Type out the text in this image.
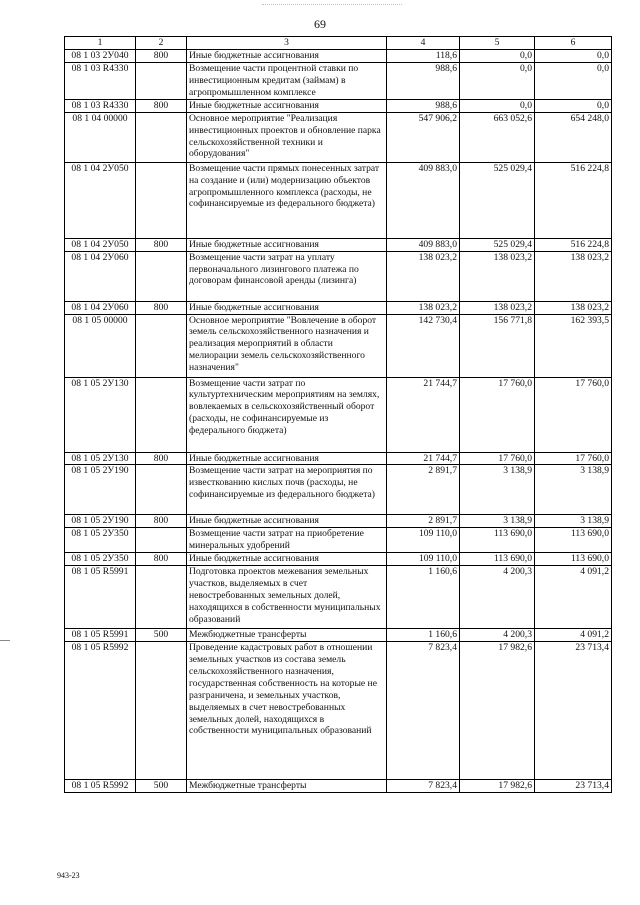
69
1	2	3	4	5	6
08 1 03 2У040	800	Иные бюджетные ассигнования	118,6	0,0	0,0
08 1 03 R4330		Возмещение части процентной ставки по инвестиционным кредитам (займам) в агропромышленном комплексе	988,6	0,0	0,0
08 1 03 R4330	800	Иные бюджетные ассигнования	988,6	0,0	0,0
08 1 04 00000		Основное мероприятие "Реализация инвестиционных проектов и обновление парка сельскохозяйственной техники и оборудования"	547 906,2	663 052,6	654 248,0
08 1 04 2У050		Возмещение части прямых понесенных затрат на создание и (или) модернизацию объектов агропромышленного комплекса (расходы, не софинансируемые из федерального бюджета)	409 883,0	525 029,4	516 224,8
08 1 04 2У050	800	Иные бюджетные ассигнования	409 883,0	525 029,4	516 224,8
08 1 04 2У060		Возмещение части затрат на уплату первоначального лизингового платежа по договорам финансовой аренды (лизинга)	138 023,2	138 023,2	138 023,2
08 1 04 2У060	800	Иные бюджетные ассигнования	138 023,2	138 023,2	138 023,2
08 1 05 00000		Основное мероприятие "Вовлечение в оборот земель сельскохозяйственного назначения и реализация мероприятий в области мелиорации земель сельскохозяйственного назначения"	142 730,4	156 771,8	162 393,5
08 1 05 2У130		Возмещение части затрат по культуртехническим мероприятиям на землях, вовлекаемых в сельскохозяйственный оборот (расходы, не софинансируемые из федерального бюджета)	21 744,7	17 760,0	17 760,0
08 1 05 2У130	800	Иные бюджетные ассигнования	21 744,7	17 760,0	17 760,0
08 1 05 2У190		Возмещение части затрат на мероприятия по известкованию кислых почв (расходы, не софинансируемые из федерального бюджета)	2 891,7	3 138,9	3 138,9
08 1 05 2У190	800	Иные бюджетные ассигнования	2 891,7	3 138,9	3 138,9
08 1 05 2У350		Возмещение части затрат на приобретение минеральных удобрений	109 110,0	113 690,0	113 690,0
08 1 05 2У350	800	Иные бюджетные ассигнования	109 110,0	113 690,0	113 690,0
08 1 05 R5991		Подготовка проектов межевания земельных участков, выделяемых в счет невостребованных земельных долей, находящихся в собственности муниципальных образований	1 160,6	4 200,3	4 091,2
08 1 05 R5991	500	Межбюджетные трансферты	1 160,6	4 200,3	4 091,2
08 1 05 R5992		Проведение кадастровых работ в отношении земельных участков из состава земель сельскохозяйственного назначения, государственная собственность на которые не разграничена, и земельных участков, выделяемых в счет невостребованных земельных долей, находящихся в собственности муниципальных образований	7 823,4	17 982,6	23 713,4
08 1 05 R5992	500	Межбюджетные трансферты	7 823,4	17 982,6	23 713,4
943-23
